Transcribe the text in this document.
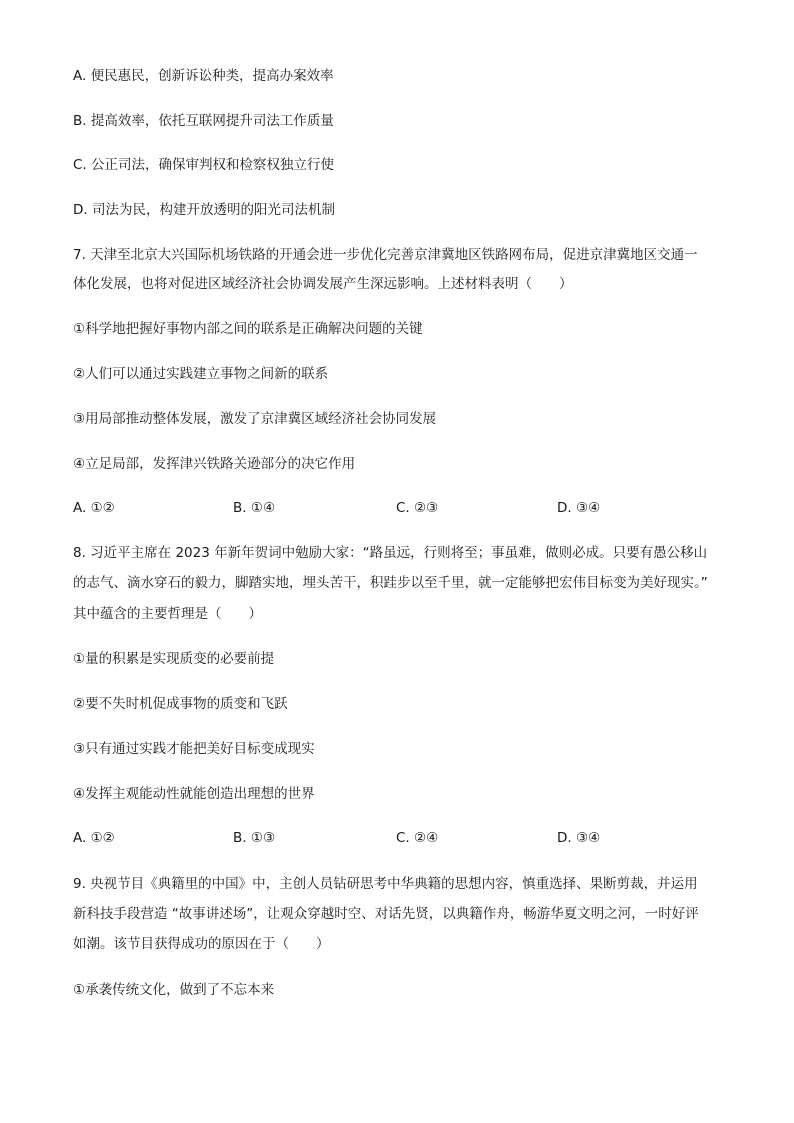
A. 便民惠民，创新诉讼种类，提高办案效率
B. 提高效率，依托互联网提升司法工作质量
C. 公正司法，确保审判权和检察权独立行使
D. 司法为民，构建开放透明的阳光司法机制
7. 天津至北京大兴国际机场铁路的开通会进一步优化完善京津冀地区铁路网布局，促进京津冀地区交通一
体化发展，也将对促进区域经济社会协调发展产生深远影响。上述材料表明（　　）
①科学地把握好事物内部之间的联系是正确解决问题的关键
②人们可以通过实践建立事物之间新的联系
③用局部推动整体发展，激发了京津冀区域经济社会协同发展
④立足局部，发挥津兴铁路关逊部分的决它作用
A. ①②	B. ①④	C. ②③	D. ③④
8. 习近平主席在 2023 年新年贺词中勉励大家：“路虽远，行则将至；事虽难，做则必成。只要有愚公移山
的志气、滴水穿石的毅力，脚踏实地，埋头苦干，积跬步以至千里，就一定能够把宏伟目标变为美好现实。”
其中蕴含的主要哲理是（　　）
①量的积累是实现质变的必要前提
②要不失时机促成事物的质变和飞跃
③只有通过实践才能把美好目标变成现实
④发挥主观能动性就能创造出理想的世界
A. ①②	B. ①③	C. ②④	D. ③④
9. 央视节目《典籍里的中国》中，主创人员钻研思考中华典籍的思想内容，慎重选择、果断剪裁，并运用
新科技手段营造 “故事讲述场”，让观众穿越时空、对话先贤，以典籍作舟，畅游华夏文明之河，一时好评
如潮。该节目获得成功的原因在于（　　）
①承袭传统文化，做到了不忘本来
